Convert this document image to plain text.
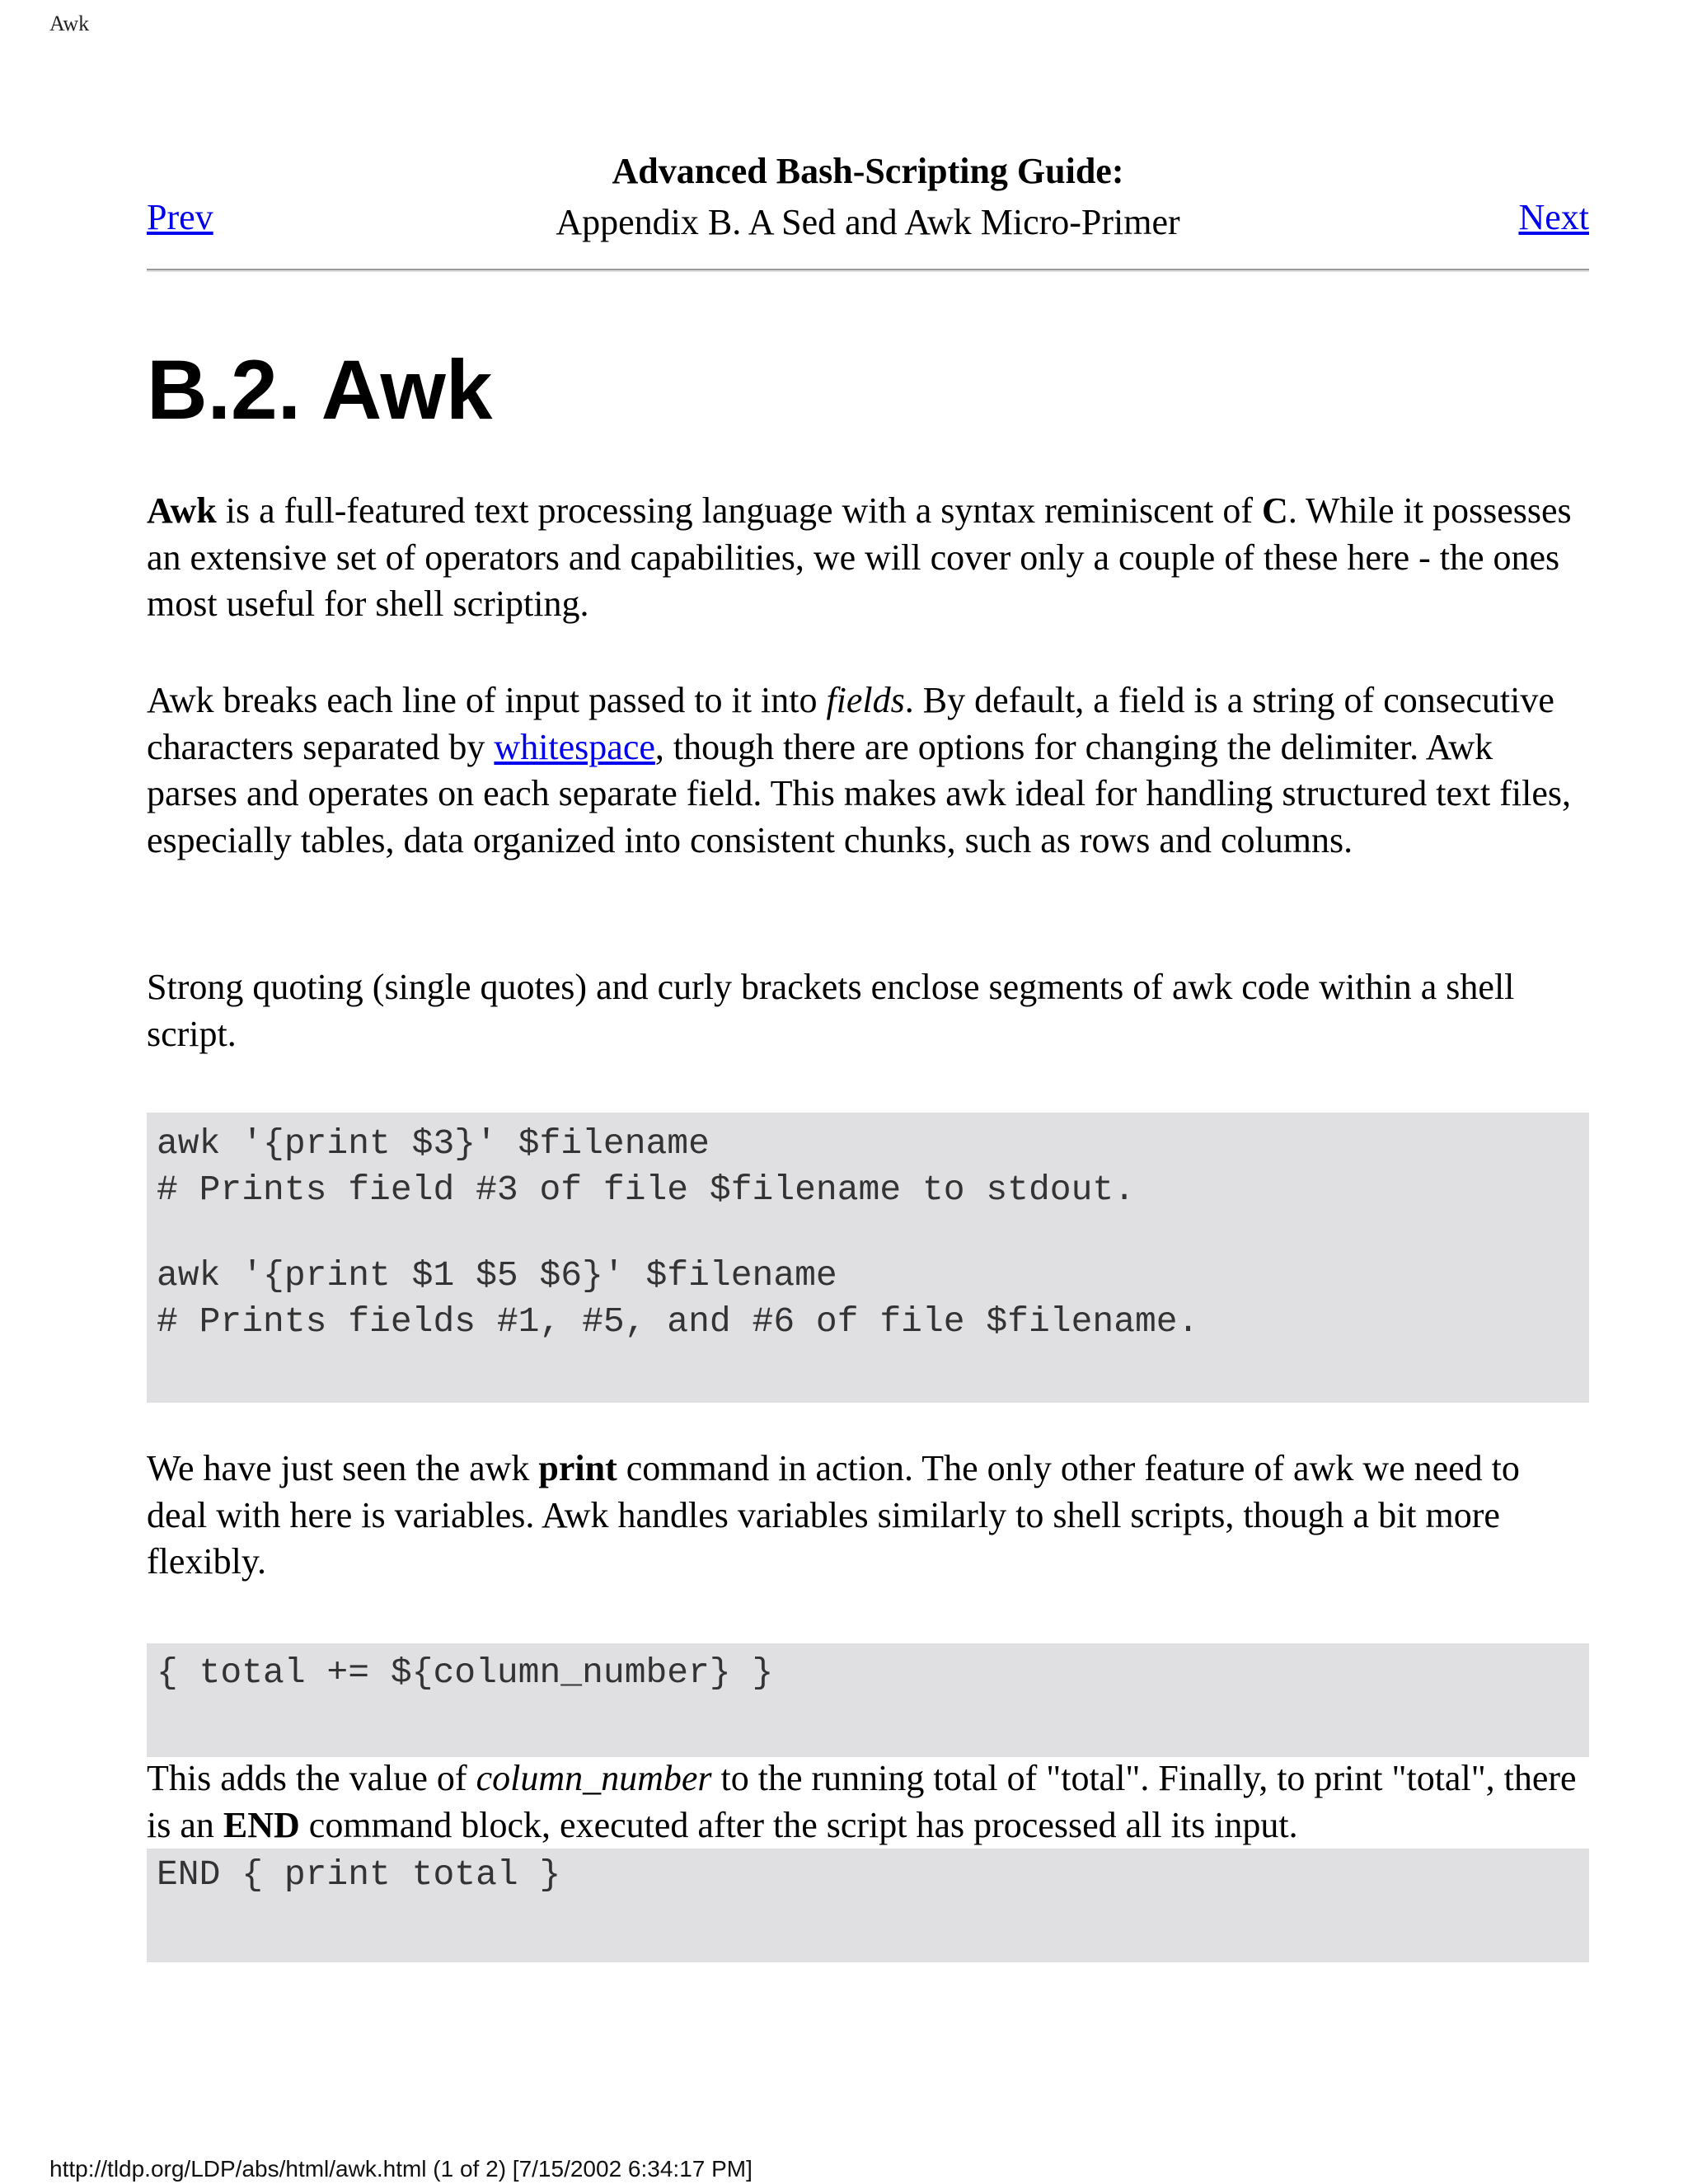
Awk
Advanced Bash-Scripting Guide:
Appendix B. A Sed and Awk Micro-Primer
Prev	Next
B.2. Awk

Awk is a full-featured text processing language with a syntax reminiscent of C. While it possesses an extensive set of operators and capabilities, we will cover only a couple of these here - the ones most useful for shell scripting.

Awk breaks each line of input passed to it into fields. By default, a field is a string of consecutive characters separated by whitespace, though there are options for changing the delimiter. Awk parses and operates on each separate field. This makes awk ideal for handling structured text files, especially tables, data organized into consistent chunks, such as rows and columns.

Strong quoting (single quotes) and curly brackets enclose segments of awk code within a shell script.

awk '{print $3}' $filename
# Prints field #3 of file $filename to stdout.
awk '{print $1 $5 $6}' $filename
# Prints fields #1, #5, and #6 of file $filename.

We have just seen the awk print command in action. The only other feature of awk we need to deal with here is variables. Awk handles variables similarly to shell scripts, though a bit more flexibly.

{ total += ${column_number} }

This adds the value of column_number to the running total of "total". Finally, to print "total", there is an END command block, executed after the script has processed all its input.

END { print total }
http://tldp.org/LDP/abs/html/awk.html (1 of 2) [7/15/2002 6:34:17 PM]
